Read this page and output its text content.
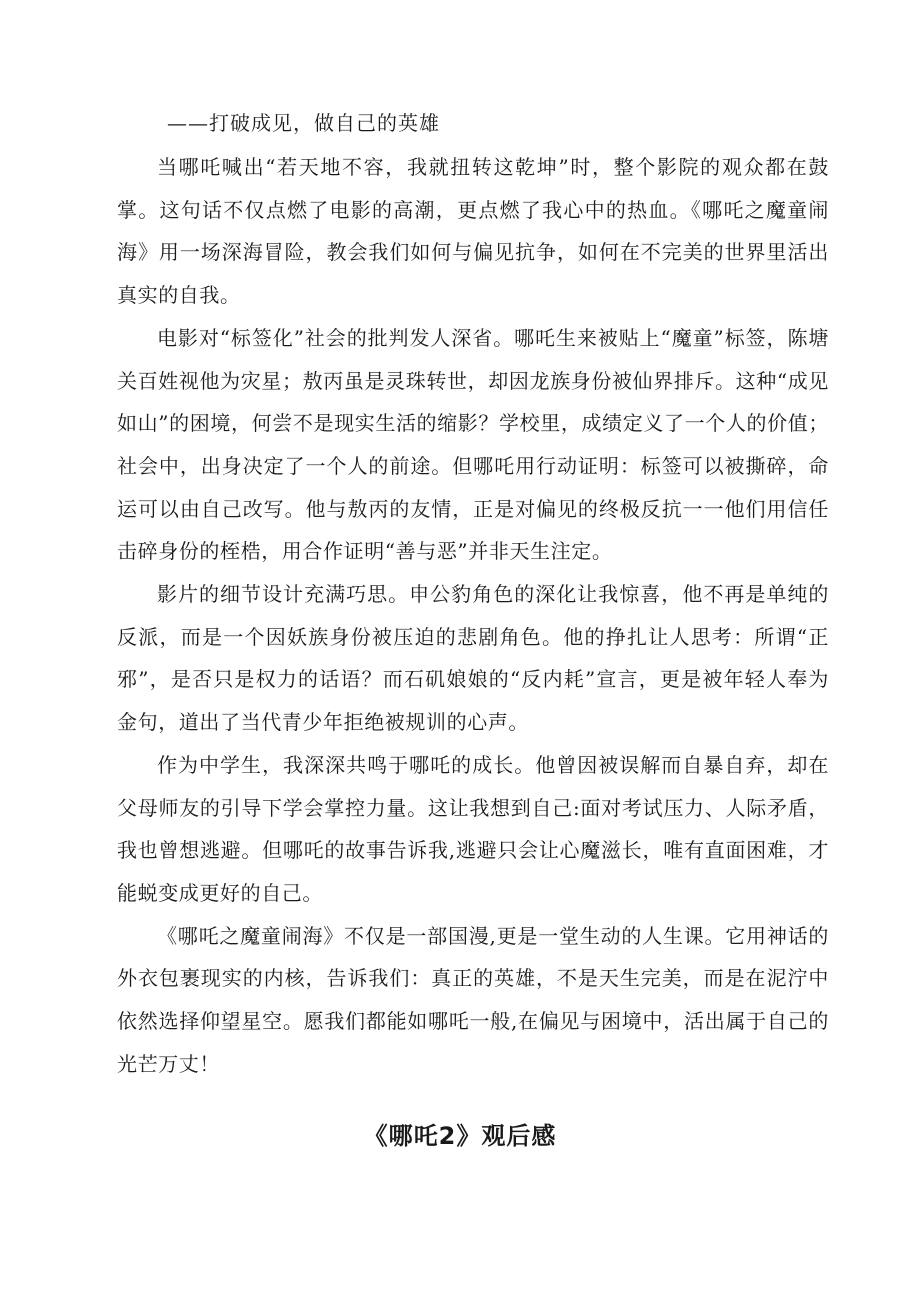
——打破成见，做自己的英雄

当哪吒喊出“若天地不容，我就扭转这乾坤”时，整个影院的观众都在鼓掌。这句话不仅点燃了电影的高潮，更点燃了我心中的热血。《哪吒之魔童闹海》用一场深海冒险，教会我们如何与偏见抗争，如何在不完美的世界里活出真实的自我。

电影对“标签化”社会的批判发人深省。哪吒生来被贴上“魔童”标签，陈塘关百姓视他为灾星；敖丙虽是灵珠转世，却因龙族身份被仙界排斥。这种“成见如山”的困境，何尝不是现实生活的缩影？学校里，成绩定义了一个人的价值；社会中，出身决定了一个人的前途。但哪吒用行动证明：标签可以被撕碎，命运可以由自己改写。他与敖丙的友情，正是对偏见的终极反抗一一他们用信任击碎身份的桎梏，用合作证明“善与恶”并非天生注定。

影片的细节设计充满巧思。申公豹角色的深化让我惊喜，他不再是单纯的反派，而是一个因妖族身份被压迫的悲剧角色。他的挣扎让人思考：所谓“正邪”，是否只是权力的话语？而石矶娘娘的“反内耗”宣言，更是被年轻人奉为金句，道出了当代青少年拒绝被规训的心声。

作为中学生，我深深共鸣于哪吒的成长。他曾因被误解而自暴自弃，却在父母师友的引导下学会掌控力量。这让我想到自己:面对考试压力、人际矛盾，我也曾想逃避。但哪吒的故事告诉我,逃避只会让心魔滋长，唯有直面困难，才能蜕变成更好的自己。

《哪吒之魔童闹海》不仅是一部国漫,更是一堂生动的人生课。它用神话的外衣包裹现实的内核，告诉我们：真正的英雄，不是天生完美，而是在泥泞中依然选择仰望星空。愿我们都能如哪吒一般,在偏见与困境中，活出属于自己的光芒万丈！

《哪吒2》观后感
